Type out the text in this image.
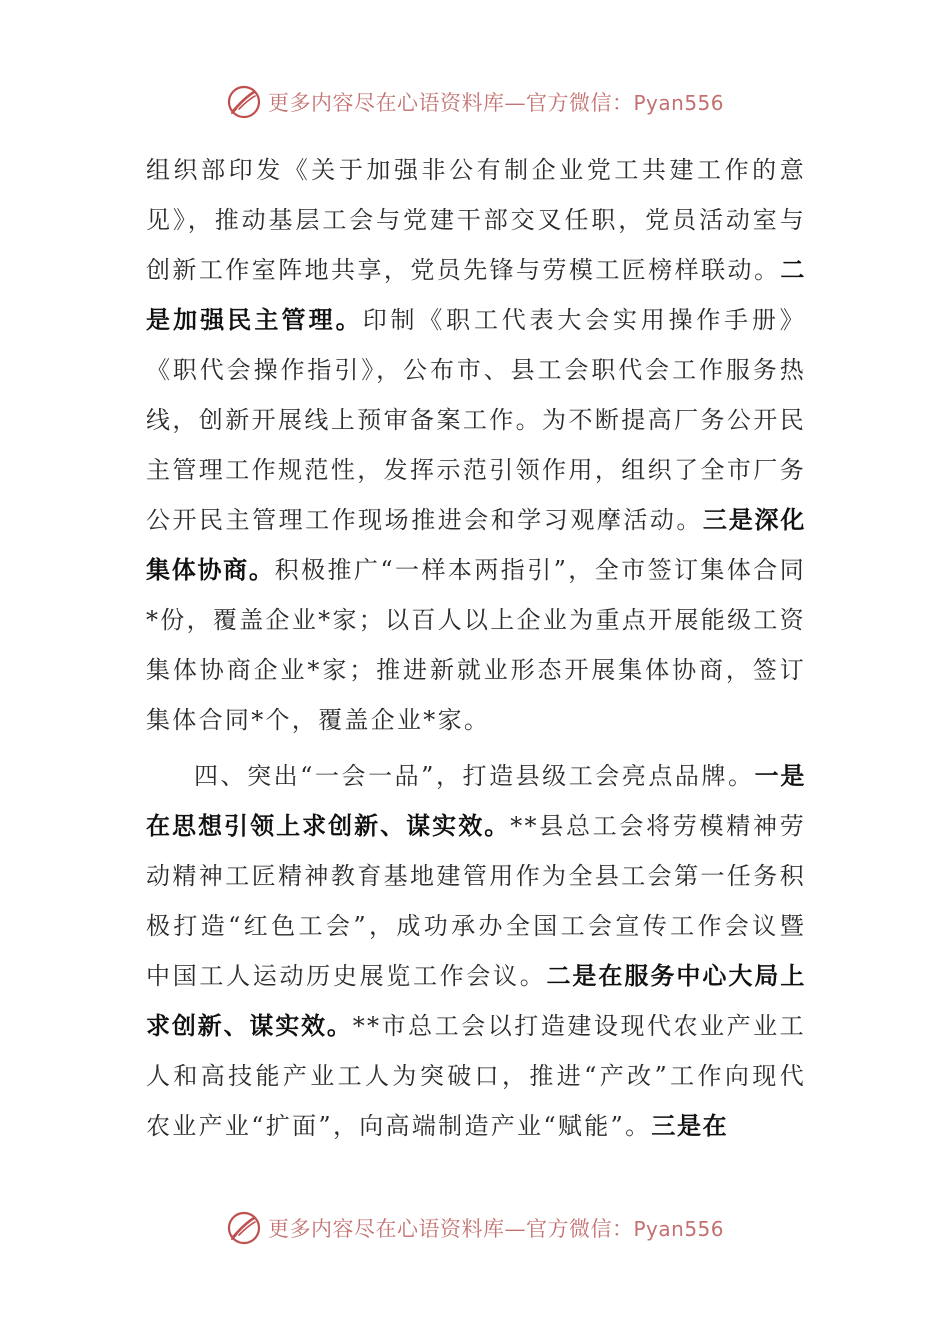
更多内容尽在心语资料库—官方微信：Pyan556

组织部印发《关于加强非公有制企业党工共建工作的意见》，推动基层工会与党建干部交叉任职，党员活动室与创新工作室阵地共享，党员先锋与劳模工匠榜样联动。二是加强民主管理。印制《职工代表大会实用操作手册》《职代会操作指引》，公布市、县工会职代会工作服务热线，创新开展线上预审备案工作。为不断提高厂务公开民主管理工作规范性，发挥示范引领作用，组织了全市厂务公开民主管理工作现场推进会和学习观摩活动。三是深化集体协商。积极推广“一样本两指引”，全市签订集体合同*份，覆盖企业*家；以百人以上企业为重点开展能级工资集体协商企业*家；推进新就业形态开展集体协商，签订集体合同*个，覆盖企业*家。

四、突出“一会一品”，打造县级工会亮点品牌。一是在思想引领上求创新、谋实效。**县总工会将劳模精神劳动精神工匠精神教育基地建管用作为全县工会第一任务积极打造“红色工会”，成功承办全国工会宣传工作会议暨中国工人运动历史展览工作会议。二是在服务中心大局上求创新、谋实效。**市总工会以打造建设现代农业产业工人和高技能产业工人为突破口，推进“产改”工作向现代农业产业“扩面”，向高端制造产业“赋能”。三是在

更多内容尽在心语资料库—官方微信：Pyan556
